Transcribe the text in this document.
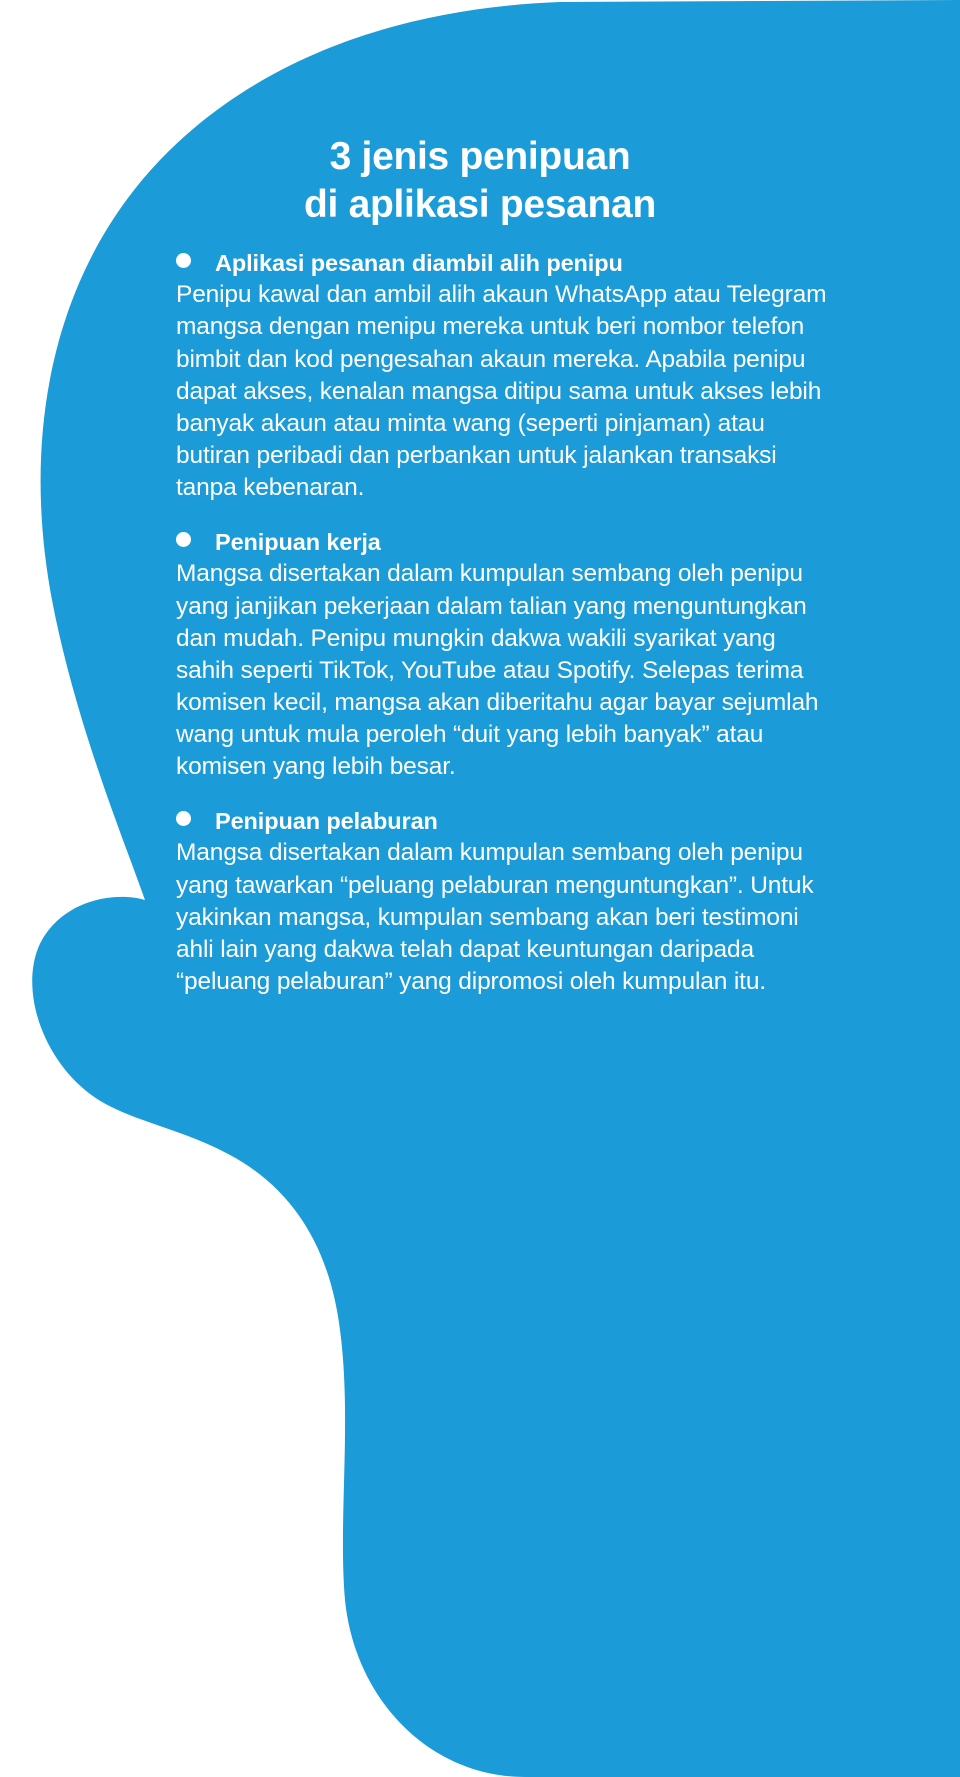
3 jenis penipuan
di aplikasi pesanan
Aplikasi pesanan diambil alih penipu
Penipu kawal dan ambil alih akaun WhatsApp atau Telegram mangsa dengan menipu mereka untuk beri nombor telefon bimbit dan kod pengesahan akaun mereka. Apabila penipu dapat akses, kenalan mangsa ditipu sama untuk akses lebih banyak akaun atau minta wang (seperti pinjaman) atau butiran peribadi dan perbankan untuk jalankan transaksi tanpa kebenaran.
Penipuan kerja
Mangsa disertakan dalam kumpulan sembang oleh penipu yang janjikan pekerjaan dalam talian yang menguntungkan dan mudah. Penipu mungkin dakwa wakili syarikat yang sahih seperti TikTok, YouTube atau Spotify. Selepas terima komisen kecil, mangsa akan diberitahu agar bayar sejumlah wang untuk mula peroleh “duit yang lebih banyak” atau komisen yang lebih besar.
Penipuan pelaburan
Mangsa disertakan dalam kumpulan sembang oleh penipu yang tawarkan “peluang pelaburan menguntungkan”. Untuk yakinkan mangsa, kumpulan sembang akan beri testimoni ahli lain yang dakwa telah dapat keuntungan daripada “peluang pelaburan” yang dipromosi oleh kumpulan itu.
